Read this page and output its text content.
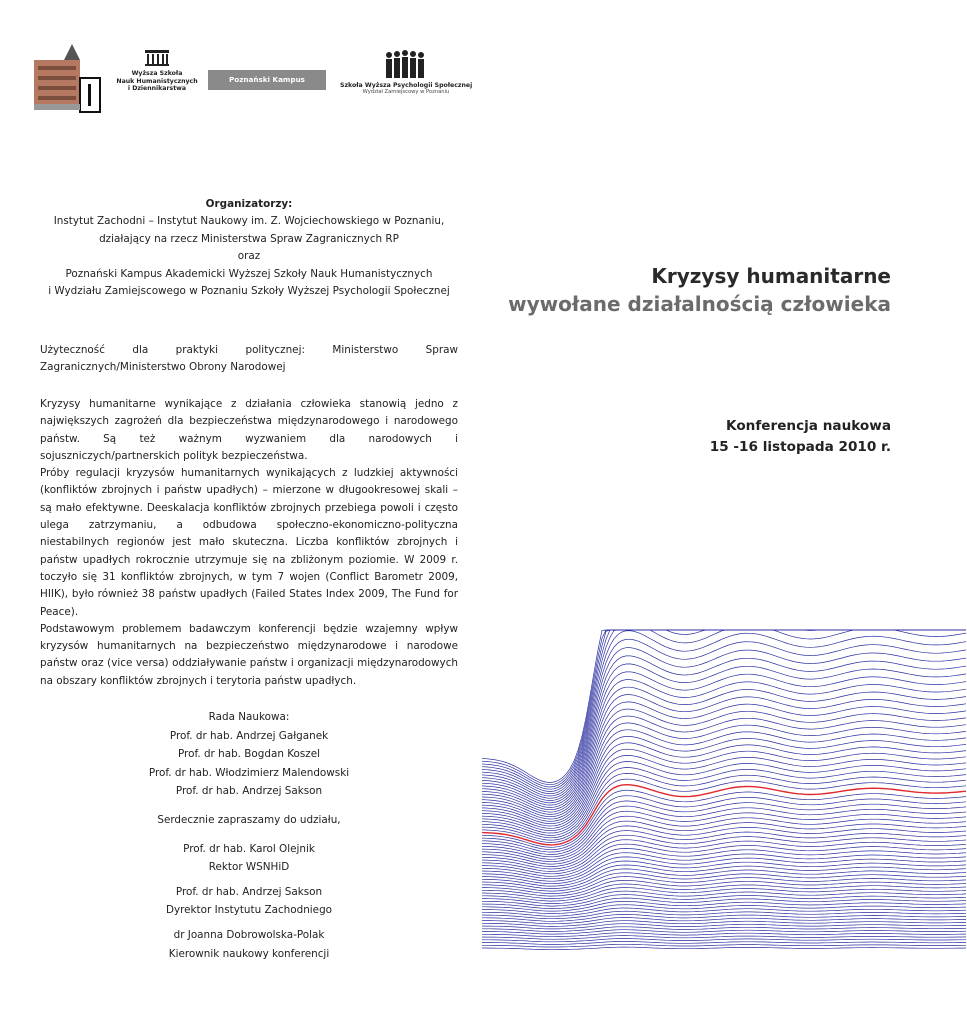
Wyższa Szkoła
Nauk Humanistycznych
i Dziennikarstwa
Poznański Kampus Akademicki
Szkoła Wyższa Psychologii Społecznej
Wydział Zamiejscowy w Poznaniu
Organizatorzy:
Instytut Zachodni – Instytut Naukowy im. Z. Wojciechowskiego w Poznaniu,
działający na rzecz Ministerstwa Spraw Zagranicznych RP
oraz
Poznański Kampus Akademicki Wyższej Szkoły Nauk Humanistycznych
i Wydziału Zamiejscowego w Poznaniu Szkoły Wyższej Psychologii Społecznej

Użyteczność dla praktyki politycznej: Ministerstwo Spraw Zagranicznych/Ministerstwo Obrony Narodowej

Kryzysy humanitarne wynikające z działania człowieka stanowią jedno z największych zagrożeń dla bezpieczeństwa międzynarodowego i narodowego państw. Są też ważnym wyzwaniem dla narodowych i sojuszniczych/partnerskich polityk bezpieczeństwa.

Próby regulacji kryzysów humanitarnych wynikających z ludzkiej aktywności (konfliktów zbrojnych i państw upadłych) – mierzone w długookresowej skali – są mało efektywne. Deeskalacja konfliktów zbrojnych przebiega powoli i często ulega zatrzymaniu, a odbudowa społeczno-ekonomiczno-polityczna niestabilnych regionów jest mało skuteczna. Liczba konfliktów zbrojnych i państw upadłych rokrocznie utrzymuje się na zbliżonym poziomie. W 2009 r. toczyło się 31 konfliktów zbrojnych, w tym 7 wojen (Conflict Barometr 2009, HIIK), było również 38 państw upadłych (Failed States Index 2009, The Fund for Peace).

Podstawowym problemem badawczym konferencji będzie wzajemny wpływ kryzysów humanitarnych na bezpieczeństwo międzynarodowe i narodowe państw oraz (vice versa) oddziaływanie państw i organizacji międzynarodowych na obszary konfliktów zbrojnych i terytoria państw upadłych.

Rada Naukowa:
Prof. dr hab. Andrzej Gałganek
Prof. dr hab. Bogdan Koszel
Prof. dr hab. Włodzimierz Malendowski
Prof. dr hab. Andrzej Sakson
Serdecznie zapraszamy do udziału,
Prof. dr hab. Karol Olejnik
Rektor WSNHiD
Prof. dr hab. Andrzej Sakson
Dyrektor Instytutu Zachodniego
dr Joanna Dobrowolska-Polak
Kierownik naukowy konferencji
Kryzysy humanitarne
wywołane działalnością człowieka
Konferencja naukowa
15 -16 listopada 2010 r.
